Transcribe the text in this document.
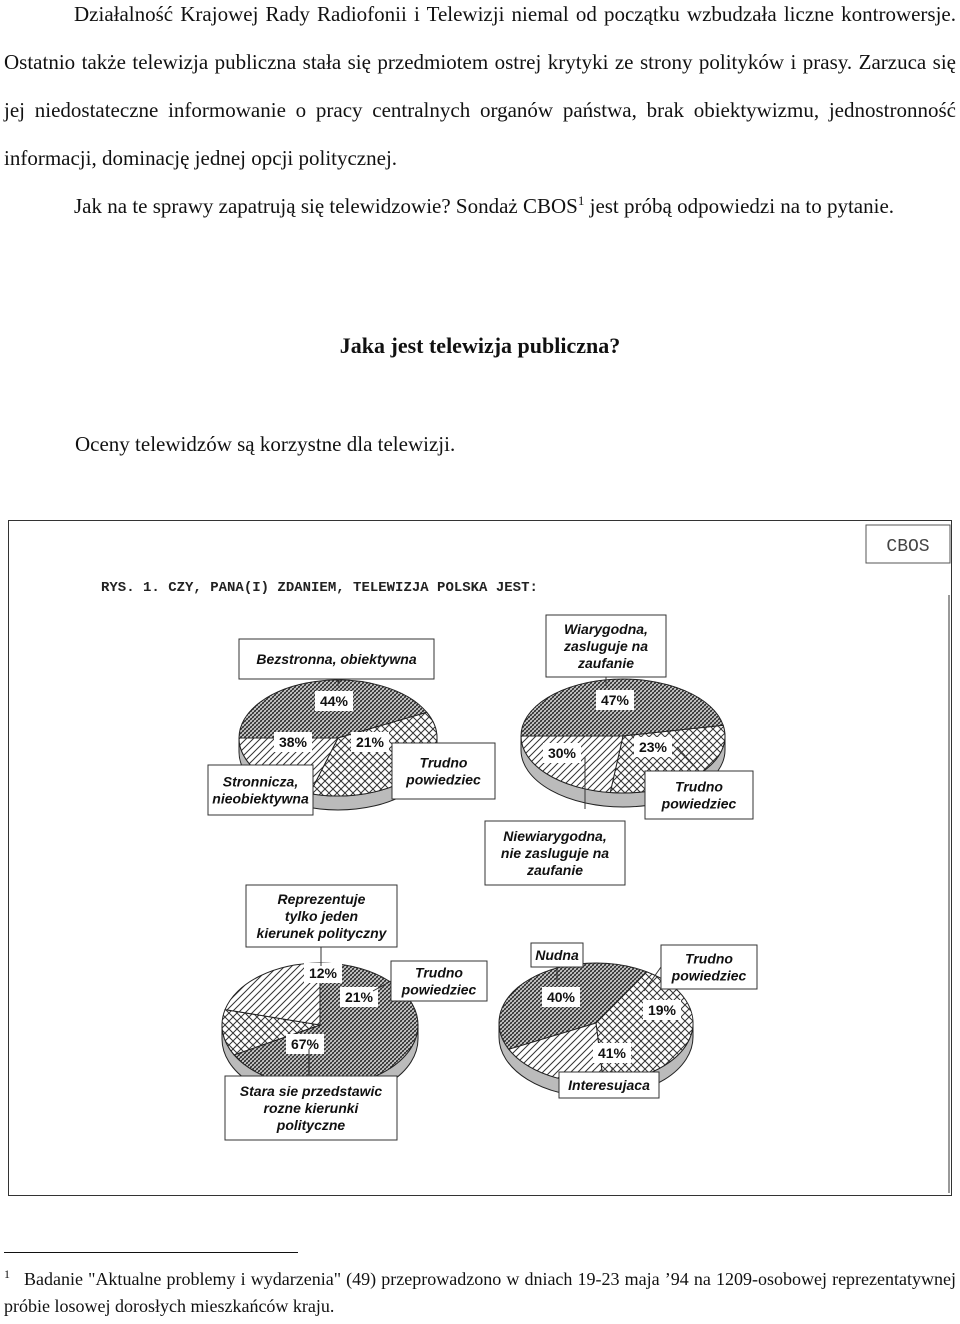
Działalność Krajowej Rady Radiofonii i Telewizji niemal od początku wzbudzała liczne kontrowersje. Ostatnio także telewizja publiczna stała się przedmiotem ostrej krytyki ze strony polityków i prasy. Zarzuca się jej niedostateczne informowanie o pracy centralnych organów państwa, brak obiektywizmu, jednostronność informacji, dominację jednej opcji politycznej.

Jak na te sprawy zapatrują się telewidzowie? Sondaż CBOS$^1$ jest próbą odpowiedzi na to pytanie.

Jaka jest telewizja publiczna?

Oceny telewidzów są korzystne dla telewizji.

CBOS
RYS. 1. CZY, PANA(I) ZDANIEM, TELEWIZJA POLSKA JEST:
44%
38%	21%
Bezstronna, obiektywna
Stronnicza,
nieobiektywna
Trudno
powiedziec
47%
30%	23%
Wiarygodna,
zasluguje na
zaufanie
Niewiarygodna,
nie zasluguje na
zaufanie
Trudno
powiedziec
67%
12%
21%
Stara sie przedstawic
rozne kierunki
polityczne
Reprezentuje
tylko jeden
kierunek polityczny
Trudno
powiedziec
41%
40%
19%
Interesujaca
Nudna	Trudno
powiedziec

$^1$ Badanie "Aktualne problemy i wydarzenia" (49) przeprowadzono w dniach 19-23 maja ’94 na 1209-osobowej reprezentatywnej próbie losowej dorosłych mieszkańców kraju.
